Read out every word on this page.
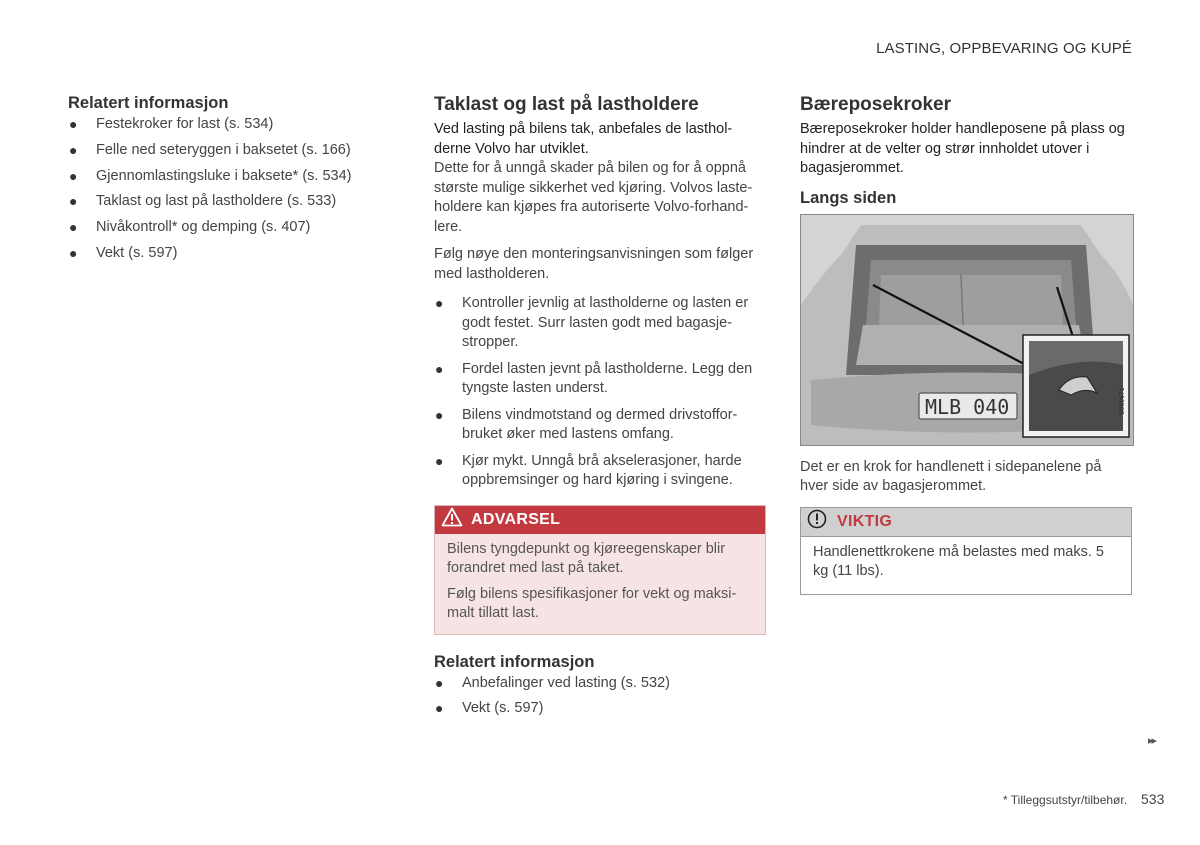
LASTING, OPPBEVARING OG KUPÉ
Relatert informasjon
● Festekroker for last (s. 534)
● Felle ned seteryggen i baksetet (s. 166)
● Gjennomlastingsluke i baksete* (s. 534)
● Taklast og last på lastholdere (s. 533)
● Nivåkontroll* og demping (s. 407)
● Vekt (s. 597)
Taklast og last på lastholdere

Ved lasting på bilens tak, anbefales de lasthol-derne Volvo har utviklet.

Dette for å unngå skader på bilen og for å oppnå største mulige sikkerhet ved kjøring. Volvos laste-holdere kan kjøpes fra autoriserte Volvo-forhand-lere.

Følg nøye den monteringsanvisningen som følger med lastholderen.

● Kontroller jevnlig at lastholderne og lasten er godt festet. Surr lasten godt med bagasje-stropper.
● Fordel lasten jevnt på lastholderne. Legg den tyngste lasten underst.
● Bilens vindmotstand og dermed drivstoffor-bruket øker med lastens omfang.
● Kjør mykt. Unngå brå akselerasjoner, harde oppbremsinger og hard kjøring i svingene.
ADVARSEL

Bilens tyngdepunkt og kjøreegenskaper blir forandret med last på taket.

Følg bilens spesifikasjoner for vekt og maksi-malt tillatt last.

Relatert informasjon
● Anbefalinger ved lasting (s. 532)
● Vekt (s. 597)
Bæreposekroker

Bæreposekroker holder handleposene på plass og hindrer at de velter og strør innholdet utover i bagasjerommet.

Langs siden
MLB 040	G060671

Det er en krok for handlenett i sidepanelene på hver side av bagasjerommet.

VIKTIG

Handlenettkrokene må belastes med maks. 5 kg (11 lbs).

▸▸
* Tilleggsutstyr/tilbehør. 533
